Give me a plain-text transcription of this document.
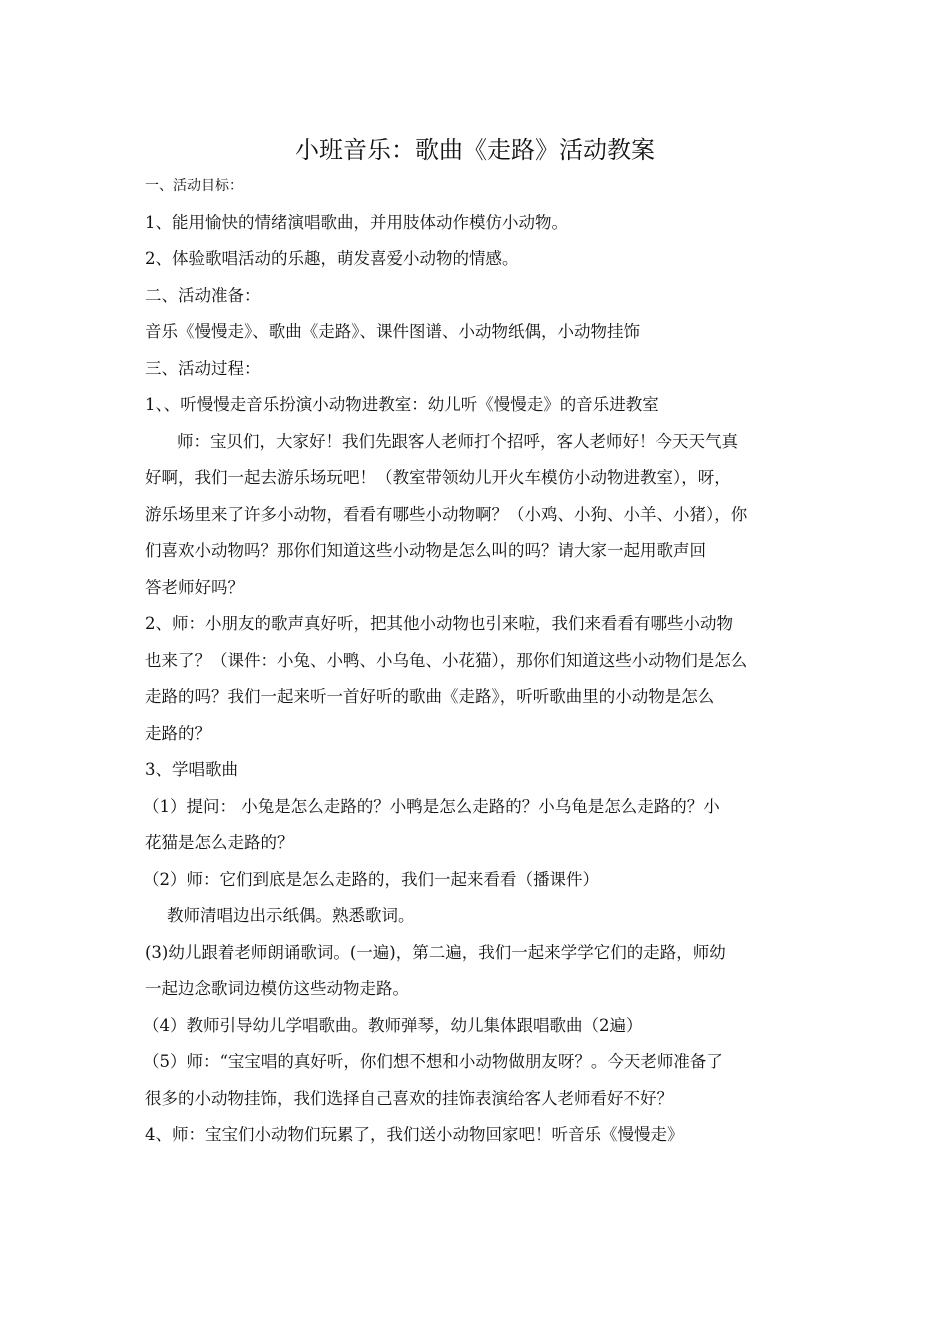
小班音乐：歌曲《走路》活动教案
一、活动目标：
1、能用愉快的情绪演唱歌曲，并用肢体动作模仿小动物。
2、体验歌唱活动的乐趣，萌发喜爱小动物的情感。
二、活动准备：
音乐《慢慢走》、歌曲《走路》、课件图谱、小动物纸偶，小动物挂饰
三、活动过程：
1、、听慢慢走音乐扮演小动物进教室：幼儿听《慢慢走》的音乐进教室
师：宝贝们，大家好！我们先跟客人老师打个招呼，客人老师好！今天天气真
好啊，我们一起去游乐场玩吧！（教室带领幼儿开火车模仿小动物进教室），呀，
游乐场里来了许多小动物，看看有哪些小动物啊？（小鸡、小狗、小羊、小猪），你
们喜欢小动物吗？那你们知道这些小动物是怎么叫的吗？请大家一起用歌声回
答老师好吗？
2、师：小朋友的歌声真好听，把其他小动物也引来啦，我们来看看有哪些小动物
也来了？（课件：小兔、小鸭、小乌龟、小花猫），那你们知道这些小动物们是怎么
走路的吗？我们一起来听一首好听的歌曲《走路》，听听歌曲里的小动物是怎么
走路的？
3、学唱歌曲
（1）提问： 小兔是怎么走路的？小鸭是怎么走路的？小乌龟是怎么走路的？小
花猫是怎么走路的？
（2）师：它们到底是怎么走路的，我们一起来看看（播课件）
教师清唱边出示纸偶。熟悉歌词。
(3)幼儿跟着老师朗诵歌词。(一遍)，第二遍，我们一起来学学它们的走路，师幼
一起边念歌词边模仿这些动物走路。
（4）教师引导幼儿学唱歌曲。教师弹琴，幼儿集体跟唱歌曲（2遍）
（5）师：“宝宝唱的真好听，你们想不想和小动物做朋友呀？。今天老师准备了
很多的小动物挂饰，我们选择自己喜欢的挂饰表演给客人老师看好不好？
4、师：宝宝们小动物们玩累了，我们送小动物回家吧！听音乐《慢慢走》
